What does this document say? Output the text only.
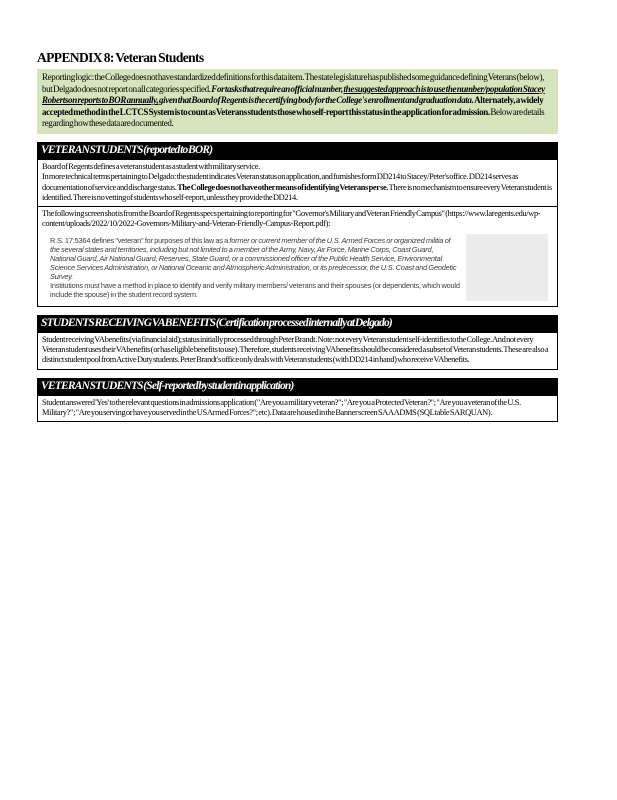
APPENDIX 8: Veteran Students
Reporting logic: the College does not have standardized definitions for this data item. The state legislature has published some guidance defining Veterans (below), but Delgado does not report on all categories specified. For tasks that require an official number, the suggested approach is to use the number/population Stacey Robertson reports to BOR annually, given that Board of Regents is the certifying body for the College's enrollment and graduation data. Alternately, a widely accepted method in the LCTCS System is to count as Veterans students those who self-report this status in the application for admission. Below are details regarding how these data are documented.
VETERAN STUDENTS (reported to BOR)

Board of Regents defines a veteran student as a student with military service.

In more technical terms pertaining to Delgado: the student indicates Veteran status on application, and furnishes form DD214 to Stacey/Peter's office. DD214 serves as documentation of service and discharge status. The College does not have other means of identifying Veterans per se. There is no mechanism to ensure every Veteran student is identified. There is no vetting of students who self-report, unless they provide the DD214.

The following screen shot is from the Board of Regents specs pertaining to reporting for "Governor's Military and Veteran Friendly Campus" (https://www.laregents.edu/wp-content/uploads/2022/10/2022-Governors-Military-and-Veteran-Friendly-Campus-Report.pdf):

R.S. 17:5364 defines "veteran" for purposes of this law as a former or current member of the U.S. Armed Forces or organized militia of the several states and territories, including but not limited to a member of the Army, Navy, Air Force, Marine Corps, Coast Guard, National Guard, Air National Guard, Reserves, State Guard, or a commissioned officer of the Public Health Service, Environmental Science Services Administration, or National Oceanic and Atmospheric Administration, or its predecessor, the U.S. Coast and Geodetic Survey.
Institutions must have a method in place to identify and verify military members/ veterans and their spouses (or dependents, which would include the spouse) in the student record system.
STUDENTS RECEIVING VA BENEFITS (Certification processed internally at Delgado)

Student receiving VA benefits (via financial aid); status initially processed through Peter Brandt. Note: not every Veteran student self-identifies to the College. And not every Veteran student uses their VA benefits (or has eligible benefits to use). Therefore, students receiving VA benefits should be considered a subset of Veteran students. These are also a distinct student pool from Active Duty students. Peter Brandt's office only deals with Veteran students (with DD214 in hand) who receive VA benefits.

VETERAN STUDENTS (Self-reported by student in application)

Student answered 'Yes' to the relevant questions in admissions application ("Are you a military veteran?"; "Are you a Protected Veteran?"; "Are you a veteran of the U.S. Military?"; "Are you serving or have you served in the US Armed Forces?"; etc). Data are housed in the Banner screen SAAADMS (SQL table SARQUAN).
